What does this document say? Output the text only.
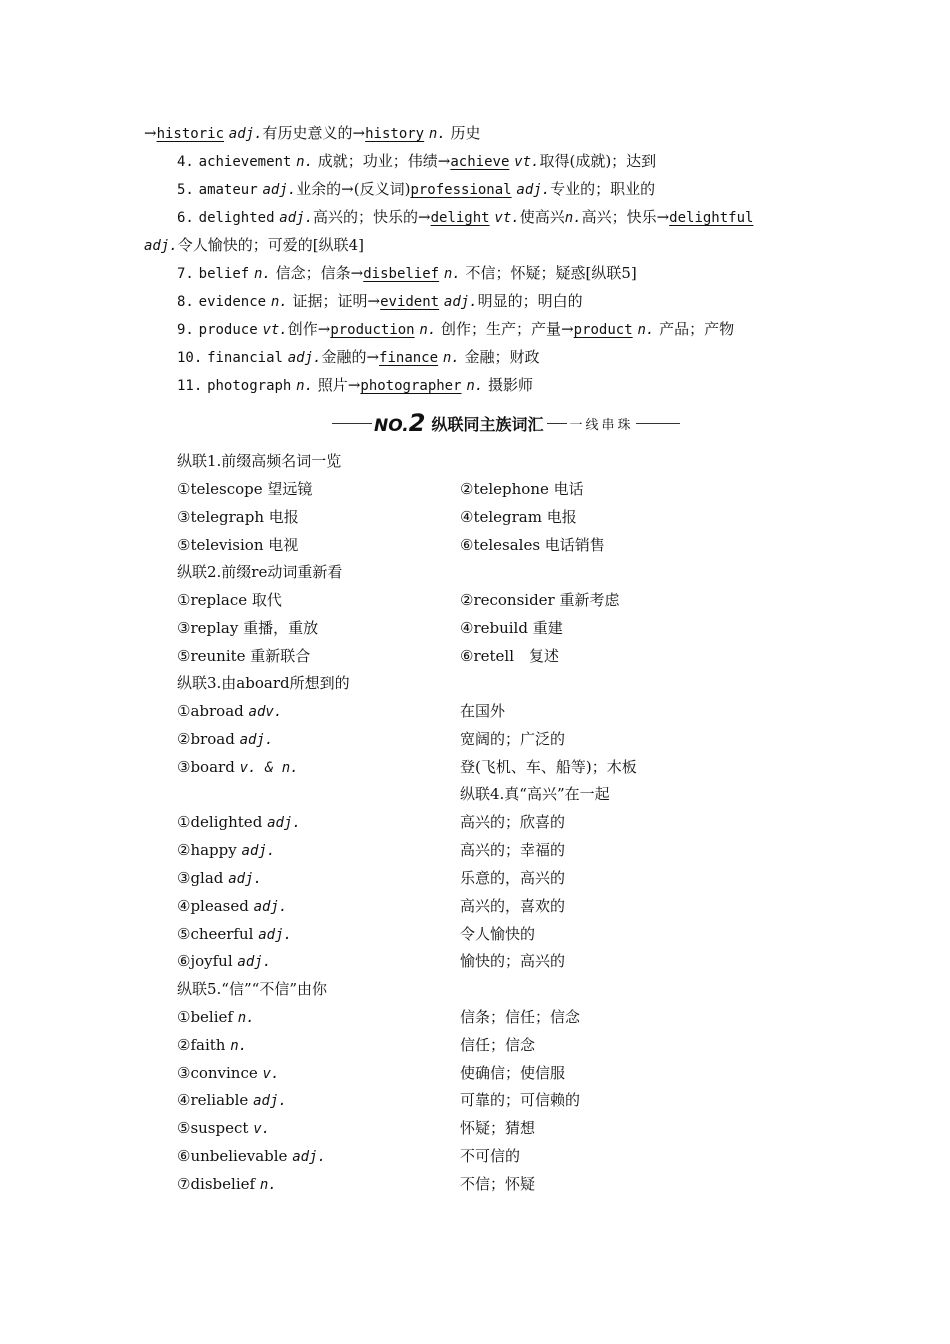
→historic adj.有历史意义的→history n. 历史
4. achievement n. 成就；功业；伟绩→achieve vt.取得(成就)；达到
5. amateur adj.业余的→(反义词)professional adj.专业的；职业的
6. delighted adj.高兴的；快乐的→delight vt.使高兴n.高兴；快乐→delightful
adj.令人愉快的；可爱的[纵联4]
7. belief n. 信念；信条→disbelief n. 不信；怀疑；疑惑[纵联5]
8. evidence n. 证据；证明→evident adj.明显的；明白的
9. produce vt.创作→production n. 创作；生产；产量→product n. 产品；产物
10. financial adj.金融的→finance n. 金融；财政
11. photograph n. 照片→photographer n. 摄影师
NO.2 纵联同主族词汇 一线串珠
纵联1.前缀高频名词一览
①telescope 望远镜	②telephone 电话
③telegraph 电报	④telegram 电报
⑤television 电视	⑥telesales 电话销售
纵联2.前缀re动词重新看
①replace 取代	②reconsider 重新考虑
③replay 重播，重放	④rebuild 重建
⑤reunite 重新联合	⑥retell　复述
纵联3.由aboard所想到的
①abroad adv.	在国外
②broad adj.	宽阔的；广泛的
③board v. & n.	登(飞机、车、船等)；木板
纵联4.真“高兴”在一起
①delighted adj.	高兴的；欣喜的
②happy adj.	高兴的；幸福的
③glad adj.	乐意的，高兴的
④pleased adj.	高兴的，喜欢的
⑤cheerful adj.	令人愉快的
⑥joyful adj.	愉快的；高兴的
纵联5.“信”“不信”由你
①belief n.	信条；信任；信念
②faith n.	信任；信念
③convince v.	使确信；使信服
④reliable adj.	可靠的；可信赖的
⑤suspect v.	怀疑；猜想
⑥unbelievable adj.	不可信的
⑦disbelief n.	不信；怀疑
